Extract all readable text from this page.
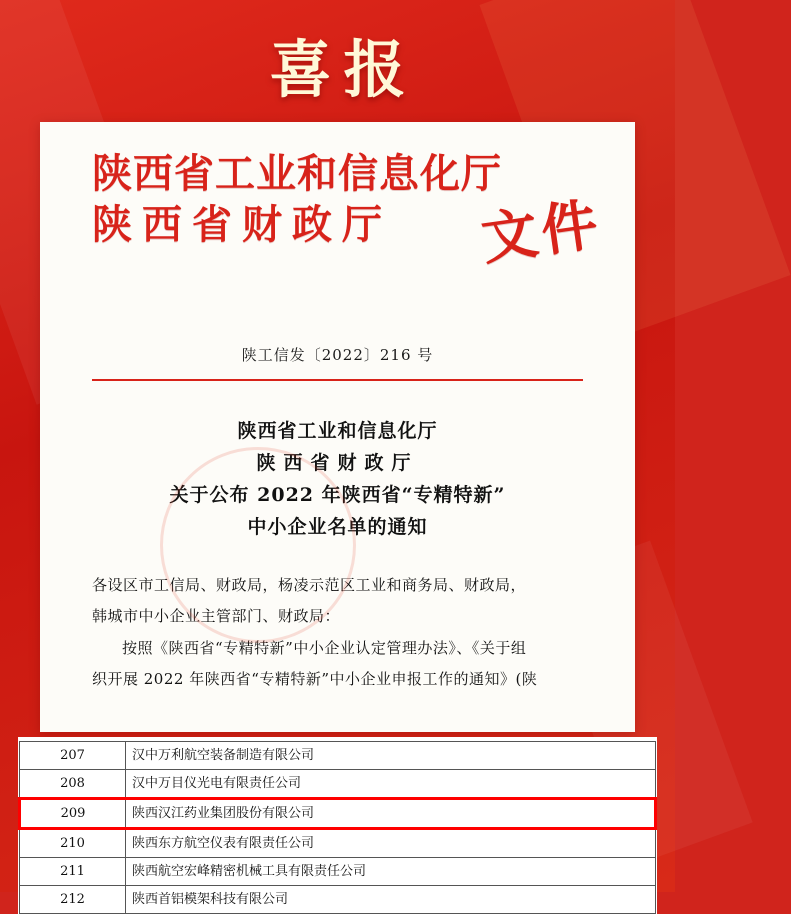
喜报
陕西省工业和信息化厅
陕西省财政厅	文件
陕工信发〔2022〕216 号
陕西省工业和信息化厅
陕西省财政厅
关于公布 2022 年陕西省“专精特新”
中小企业名单的通知

各设区市工信局、财政局，杨凌示范区工业和商务局、财政局，

韩城市中小企业主管部门、财政局：

按照《陕西省“专精特新”中小企业认定管理办法》、《关于组

织开展 2022 年陕西省“专精特新”中小企业申报工作的通知》(陕

207	汉中万利航空装备制造有限公司
208	汉中万目仪光电有限责任公司
209	陕西汉江药业集团股份有限公司
210	陕西东方航空仪表有限责任公司
211	陕西航空宏峰精密机械工具有限责任公司
212	陕西首铝模架科技有限公司
